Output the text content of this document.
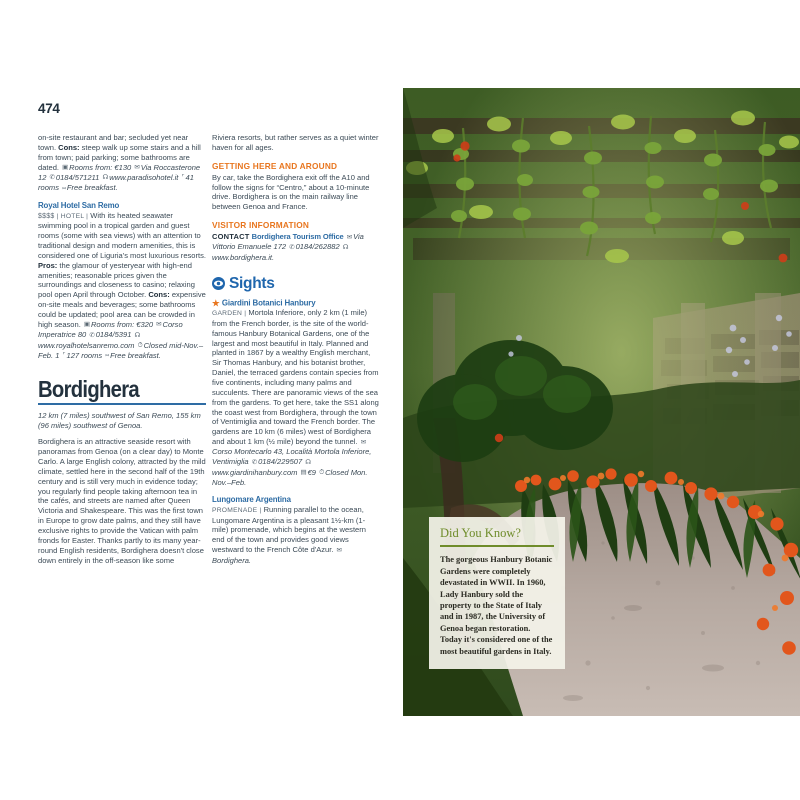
474

on-site restaurant and bar; secluded yet near town. Cons: steep walk up some stairs and a hill from town; paid parking; some bathrooms are dated. ▣Rooms from: €130 ✉Via Roccasterone 12 ✆0184/571211 ☊www.paradisohotel.it ⌜41 rooms ⑅Free breakfast.

Royal Hotel San Remo

$$$$ | HOTEL | With its heated seawater swimming pool in a tropical garden and guest rooms (some with sea views) with an attention to traditional design and modern amenities, this is considered one of Liguria's most luxurious resorts. Pros: the glamour of yesteryear with high-end amenities; reasonable prices given the surroundings and closeness to casino; relaxing pool open April through October. Cons: expensive on-site meals and beverages; some bathrooms could be updated; pool area can be crowded in high season. ▣Rooms from: €320 ✉Corso Imperatrice 80 ✆0184/5391 ☊www.royalhotelsanremo.com ⏱Closed mid-Nov.–Feb. 1 ⌜127 rooms ⑅Free breakfast.

Bordighera

12 km (7 miles) southwest of San Remo, 155 km (96 miles) southwest of Genoa.

Bordighera is an attractive seaside resort with panoramas from Genoa (on a clear day) to Monte Carlo. A large English colony, attracted by the mild climate, settled here in the second half of the 19th century and is still very much in evidence today; you regularly find people taking afternoon tea in the cafés, and streets are named after Queen Victoria and Shakespeare. This was the first town in Europe to grow date palms, and they still have exclusive rights to provide the Vatican with palm fronds for Easter. Thanks partly to its many year-round English residents, Bordighera doesn't close down entirely in the off-season like some

Riviera resorts, but rather serves as a quiet winter haven for all ages.

GETTING HERE AND AROUND

By car, take the Bordighera exit off the A10 and follow the signs for “Centro,” about a 10-minute drive. Bordighera is on the main railway line between Genoa and France.

VISITOR INFORMATION

CONTACT Bordighera Tourism Office ✉Via Vittorio Emanuele 172 ✆0184/262882 ☊www.bordighera.it.

Sights

★ Giardini Botanici Hanbury

GARDEN | Mortola Inferiore, only 2 km (1 mile) from the French border, is the site of the world-famous Hanbury Botanical Gardens, one of the largest and most beautiful in Italy. Planned and planted in 1867 by a wealthy English merchant, Sir Thomas Hanbury, and his botanist brother, Daniel, the terraced gardens contain species from five continents, including many palms and succulents. There are panoramic views of the sea from the gardens. To get here, take the SS1 along the coast west from Bordighera, through the town of Ventimiglia and toward the French border. The gardens are 10 km (6 miles) west of Bordighera and about 1 km (½ mile) beyond the tunnel. ✉Corso Montecarlo 43, Località Mortola Inferiore, Ventimiglia ✆0184/229507 ☊www.giardinihanbury.com ▤€9 ⏱Closed Mon. Nov.–Feb.

Lungomare Argentina

PROMENADE | Running parallel to the ocean, Lungomare Argentina is a pleasant 1½-km (1-mile) promenade, which begins at the western end of the town and provides good views westward to the French Côte d'Azur. ✉Bordighera.

Did You Know?
The gorgeous Hanbury Botanic Gardens were completely devastated in WWII. In 1960, Lady Hanbury sold the property to the State of Italy and in 1987, the University of Genoa began restoration. Today it's considered one of the most beautiful gardens in Italy.
